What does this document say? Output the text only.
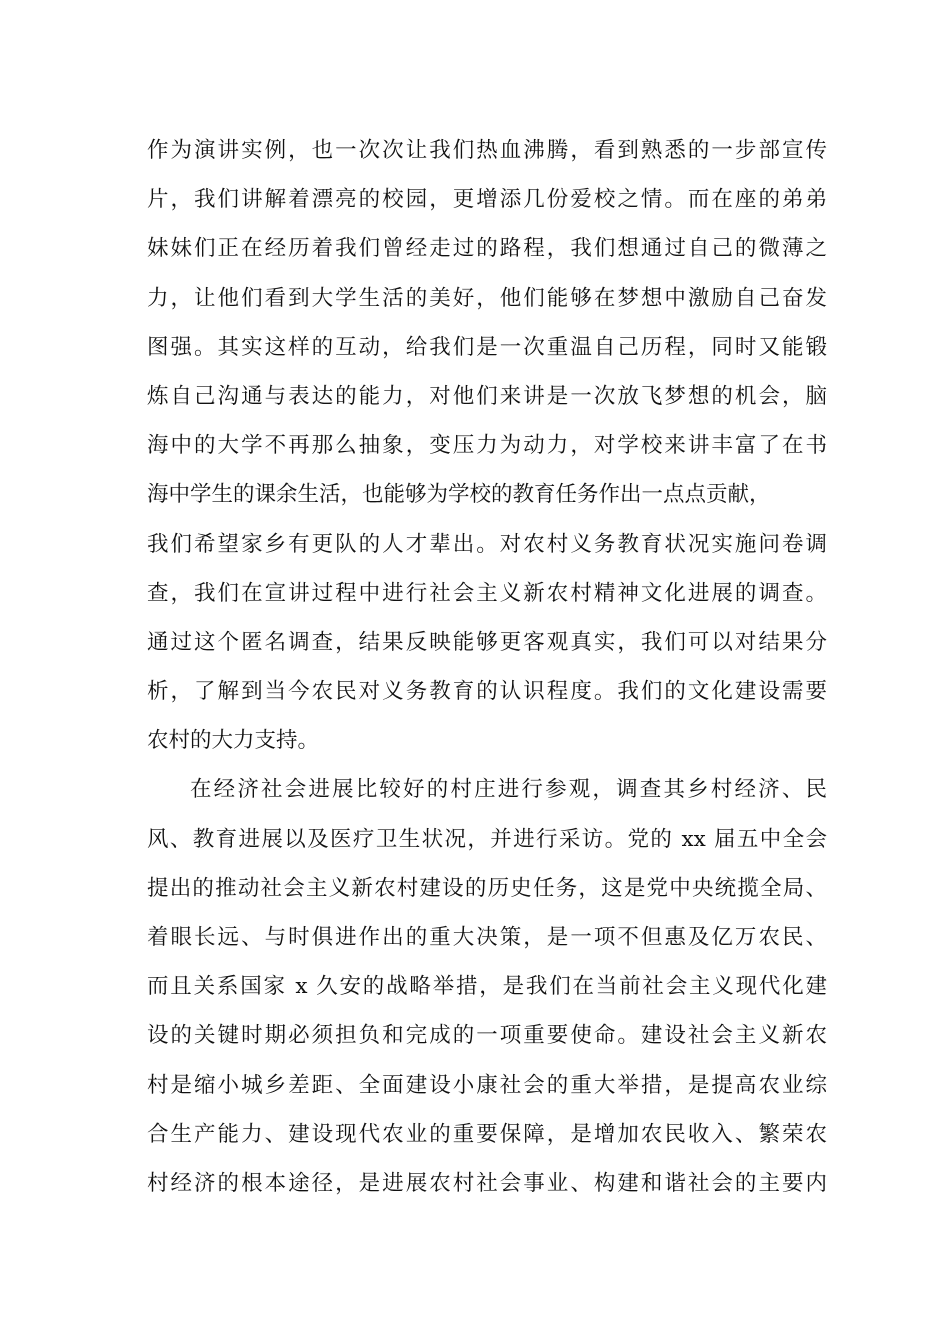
作为演讲实例，也一次次让我们热血沸腾，看到熟悉的一步部宣传
片，我们讲解着漂亮的校园，更增添几份爱校之情。而在座的弟弟
妹妹们正在经历着我们曾经走过的路程，我们想通过自己的微薄之
力，让他们看到大学生活的美好，他们能够在梦想中激励自己奋发
图强。其实这样的互动，给我们是一次重温自己历程，同时又能锻
炼自己沟通与表达的能力，对他们来讲是一次放飞梦想的机会，脑
海中的大学不再那么抽象，变压力为动力，对学校来讲丰富了在书
海中学生的课余生活，也能够为学校的教育任务作出一点点贡献，
我们希望家乡有更队的人才辈出。对农村义务教育状况实施问卷调
查，我们在宣讲过程中进行社会主义新农村精神文化进展的调查。
通过这个匿名调查，结果反映能够更客观真实，我们可以对结果分
析，了解到当今农民对义务教育的认识程度。我们的文化建设需要
农村的大力支持。
在经济社会进展比较好的村庄进行参观，调查其乡村经济、民
风、教育进展以及医疗卫生状况，并进行采访。党的 xx 届五中全会
提出的推动社会主义新农村建设的历史任务，这是党中央统揽全局、
着眼长远、与时俱进作出的重大决策，是一项不但惠及亿万农民、
而且关系国家 x 久安的战略举措，是我们在当前社会主义现代化建
设的关键时期必须担负和完成的一项重要使命。建设社会主义新农
村是缩小城乡差距、全面建设小康社会的重大举措，是提高农业综
合生产能力、建设现代农业的重要保障，是增加农民收入、繁荣农
村经济的根本途径，是进展农村社会事业、构建和谐社会的主要内
